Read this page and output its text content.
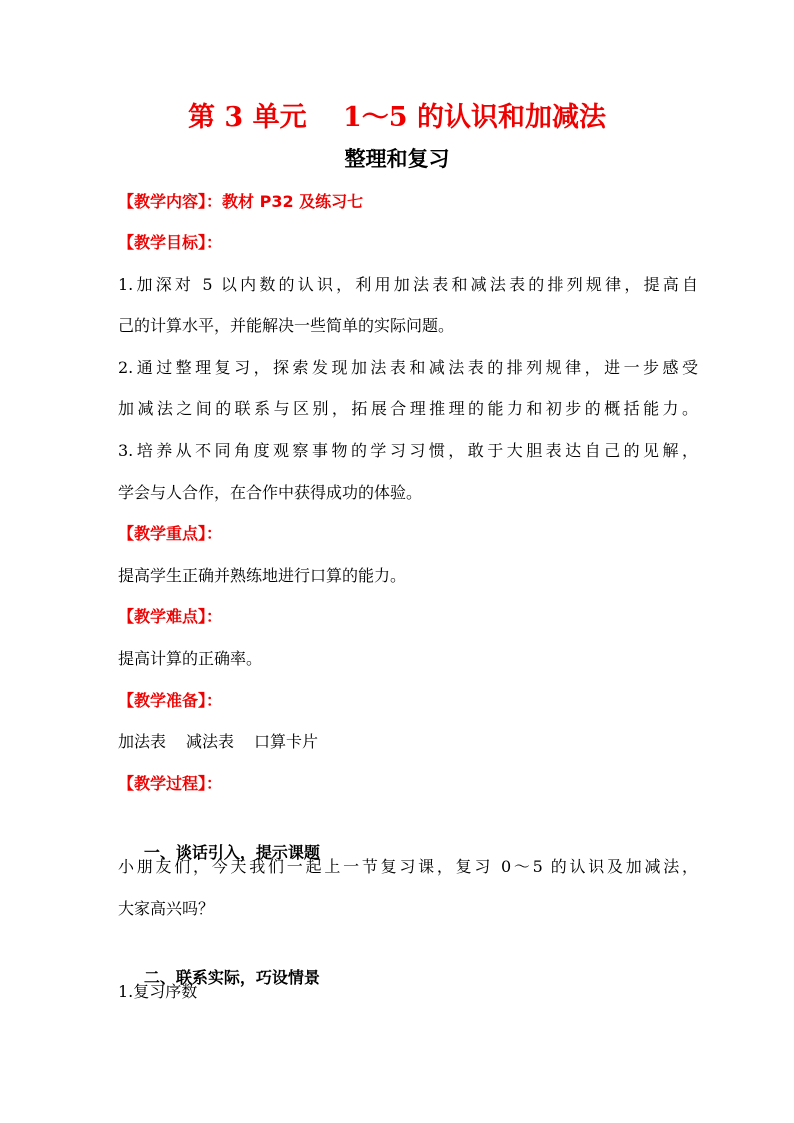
第 3 单元　 1～5 的认识和加减法
整理和复习
【教学内容】：教材 P32 及练习七
【教学目标】：
1.加深对 5 以内数的认识，利用加法表和减法表的排列规律，提高自
己的计算水平，并能解决一些简单的实际问题。
2.通过整理复习，探索发现加法表和减法表的排列规律，进一步感受
加减法之间的联系与区别，拓展合理推理的能力和初步的概括能力。
3.培养从不同角度观察事物的学习习惯，敢于大胆表达自己的见解，
学会与人合作，在合作中获得成功的体验。
【教学重点】：
提高学生正确并熟练地进行口算的能力。
【教学难点】：
提高计算的正确率。
【教学准备】：
加法表 减法表 口算卡片
【教学过程】：

一、谈话引入，提示课题

小朋友们，今天我们一起上一节复习课，复习 0～5 的认识及加减法，
大家高兴吗？

二、联系实际，巧设情景

1.复习序数
